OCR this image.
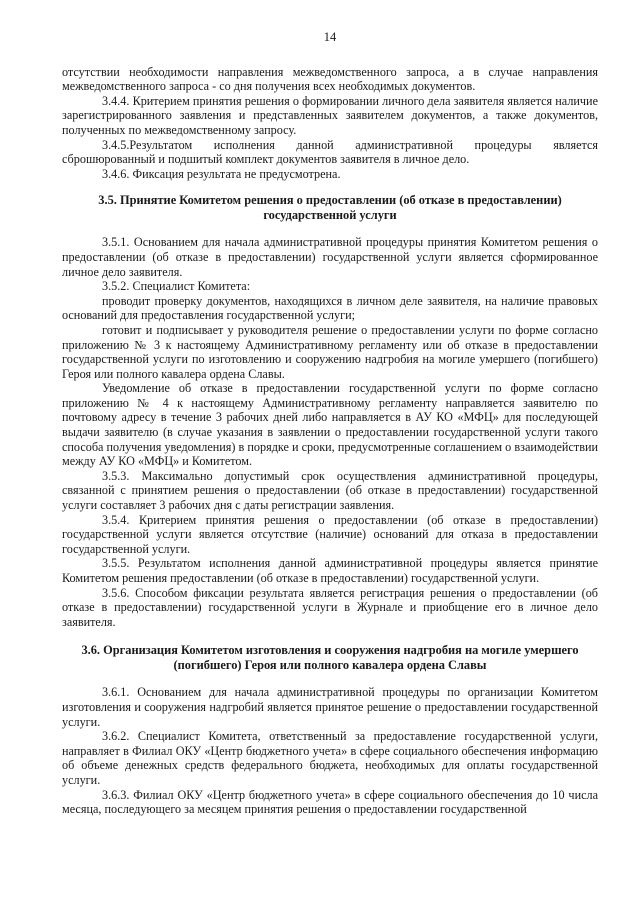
14

отсутствии необходимости направления межведомственного запроса, а в случае направления межведомственного запроса - со дня получения всех необходимых документов.

3.4.4. Критерием принятия решения о формировании личного дела заявителя является наличие зарегистрированного заявления и представленных заявителем документов, а также документов, полученных по межведомственному запросу.

3.4.5.Результатом исполнения данной административной процедуры является сброшюрованный и подшитый комплект документов заявителя в личное дело.

3.4.6. Фиксация результата не предусмотрена.

3.5. Принятие Комитетом решения о предоставлении (об отказе в предоставлении) государственной услуги

3.5.1. Основанием для начала административной процедуры принятия Комитетом решения о предоставлении (об отказе в предоставлении) государственной услуги является сформированное личное дело заявителя.

3.5.2. Специалист Комитета:

проводит проверку документов, находящихся в личном деле заявителя, на наличие правовых оснований для предоставления государственной услуги;

готовит и подписывает у руководителя решение о предоставлении услуги по форме согласно приложению № 3 к настоящему Административному регламенту или об отказе в предоставлении государственной услуги по изготовлению и сооружению надгробия на могиле умершего (погибшего) Героя или полного кавалера ордена Славы.

Уведомление об отказе в предоставлении государственной услуги по форме согласно приложению № 4 к настоящему Административному регламенту направляется заявителю по почтовому адресу в течение 3 рабочих дней либо направляется в АУ КО «МФЦ» для последующей выдачи заявителю (в случае указания в заявлении о предоставлении государственной услуги такого способа получения уведомления) в порядке и сроки, предусмотренные соглашением о взаимодействии между АУ КО «МФЦ» и Комитетом.

3.5.3. Максимально допустимый срок осуществления административной процедуры, связанной с принятием решения о предоставлении (об отказе в предоставлении) государственной услуги составляет 3 рабочих дня с даты регистрации заявления.

3.5.4. Критерием принятия решения о предоставлении (об отказе в предоставлении) государственной услуги является отсутствие (наличие) оснований для отказа в предоставлении государственной услуги.

3.5.5. Результатом исполнения данной административной процедуры является принятие Комитетом решения предоставлении (об отказе в предоставлении) государственной услуги.

3.5.6. Способом фиксации результата является регистрация решения о предоставлении (об отказе в предоставлении) государственной услуги в Журнале и приобщение его в личное дело заявителя.

3.6. Организация Комитетом изготовления и сооружения надгробия на могиле умершего (погибшего) Героя или полного кавалера ордена Славы

3.6.1. Основанием для начала административной процедуры по организации Комитетом изготовления и сооружения надгробий является принятое решение о предоставлении государственной услуги.

3.6.2. Специалист Комитета, ответственный за предоставление государственной услуги, направляет в Филиал ОКУ «Центр бюджетного учета» в сфере социального обеспечения информацию об объеме денежных средств федерального бюджета, необходимых для оплаты государственной услуги.

3.6.3. Филиал ОКУ «Центр бюджетного учета» в сфере социального обеспечения до 10 числа месяца, последующего за месяцем принятия решения о предоставлении государственной
